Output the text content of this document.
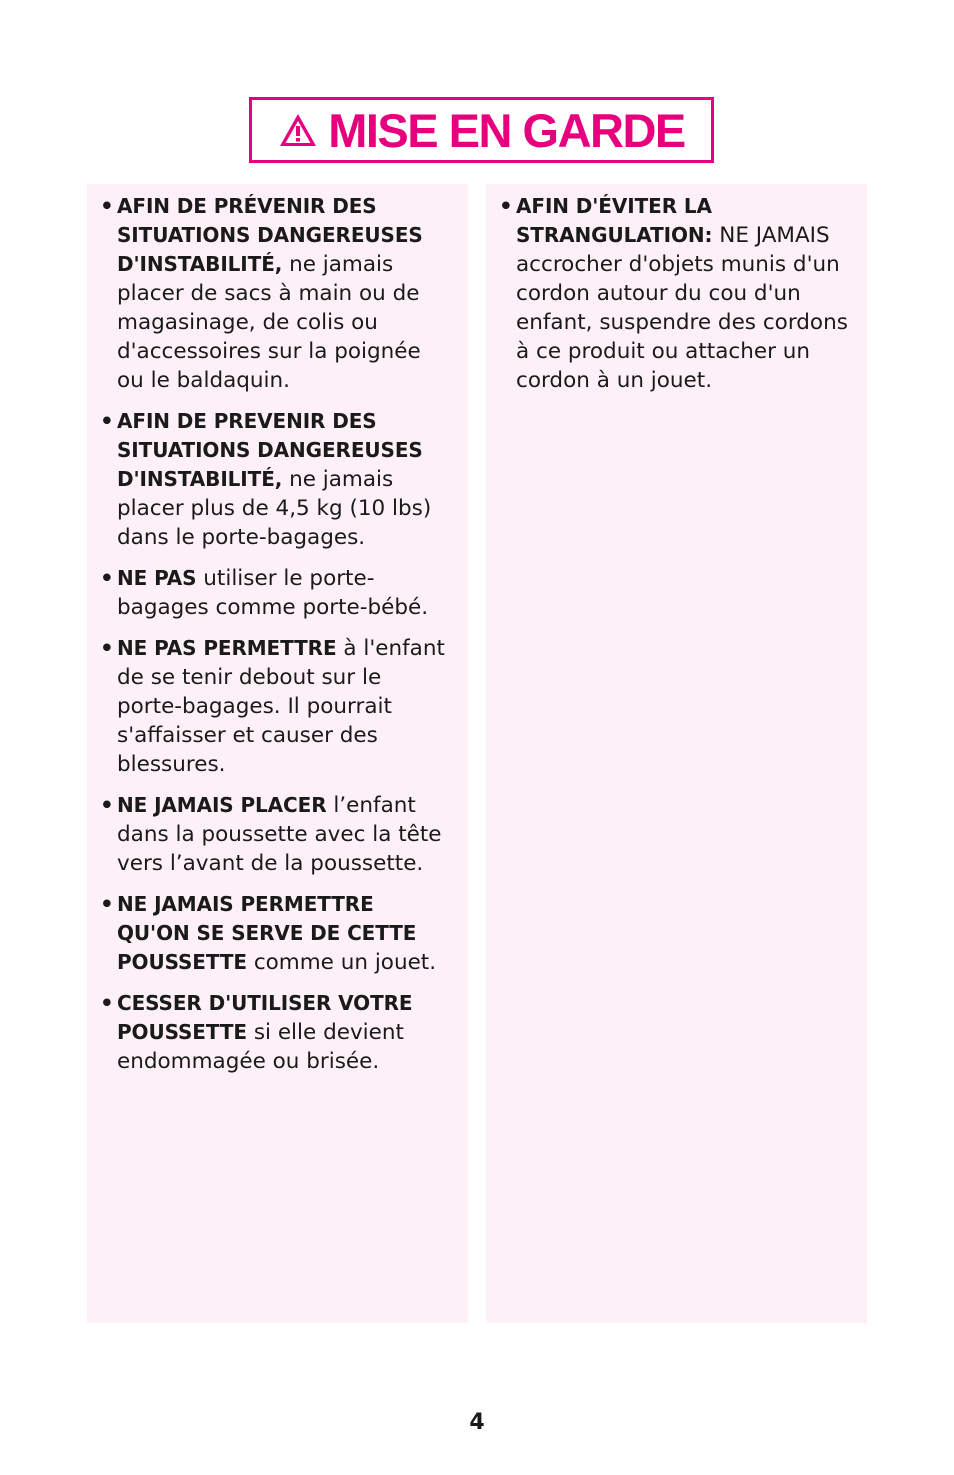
MISE EN GARDE
• AFIN DE PRÉVENIR DES SITUATIONS DANGEREUSES D'INSTABILITÉ, ne jamais placer de sacs à main ou de magasinage, de colis ou d'accessoires sur la poignée ou le baldaquin.
• AFIN DE PREVENIR DES SITUATIONS DANGEREUSES D'INSTABILITÉ, ne jamais placer plus de 4,5 kg (10 lbs) dans le porte-bagages.
• NE PAS utiliser le porte-bagages comme porte-bébé.
• NE PAS PERMETTRE à l'enfant de se tenir debout sur le porte-bagages. Il pourrait s'affaisser et causer des blessures.
• NE JAMAIS PLACER l’enfant dans la poussette avec la tête vers l’avant de la poussette.
• NE JAMAIS PERMETTRE QU'ON SE SERVE DE CETTE POUSSETTE comme un jouet.
• CESSER D'UTILISER VOTRE POUSSETTE si elle devient endommagée ou brisée.
• AFIN D'ÉVITER LA STRANGULATION: NE JAMAIS accrocher d'objets munis d'un cordon autour du cou d'un enfant, suspendre des cordons à ce produit ou attacher un cordon à un jouet.
4
